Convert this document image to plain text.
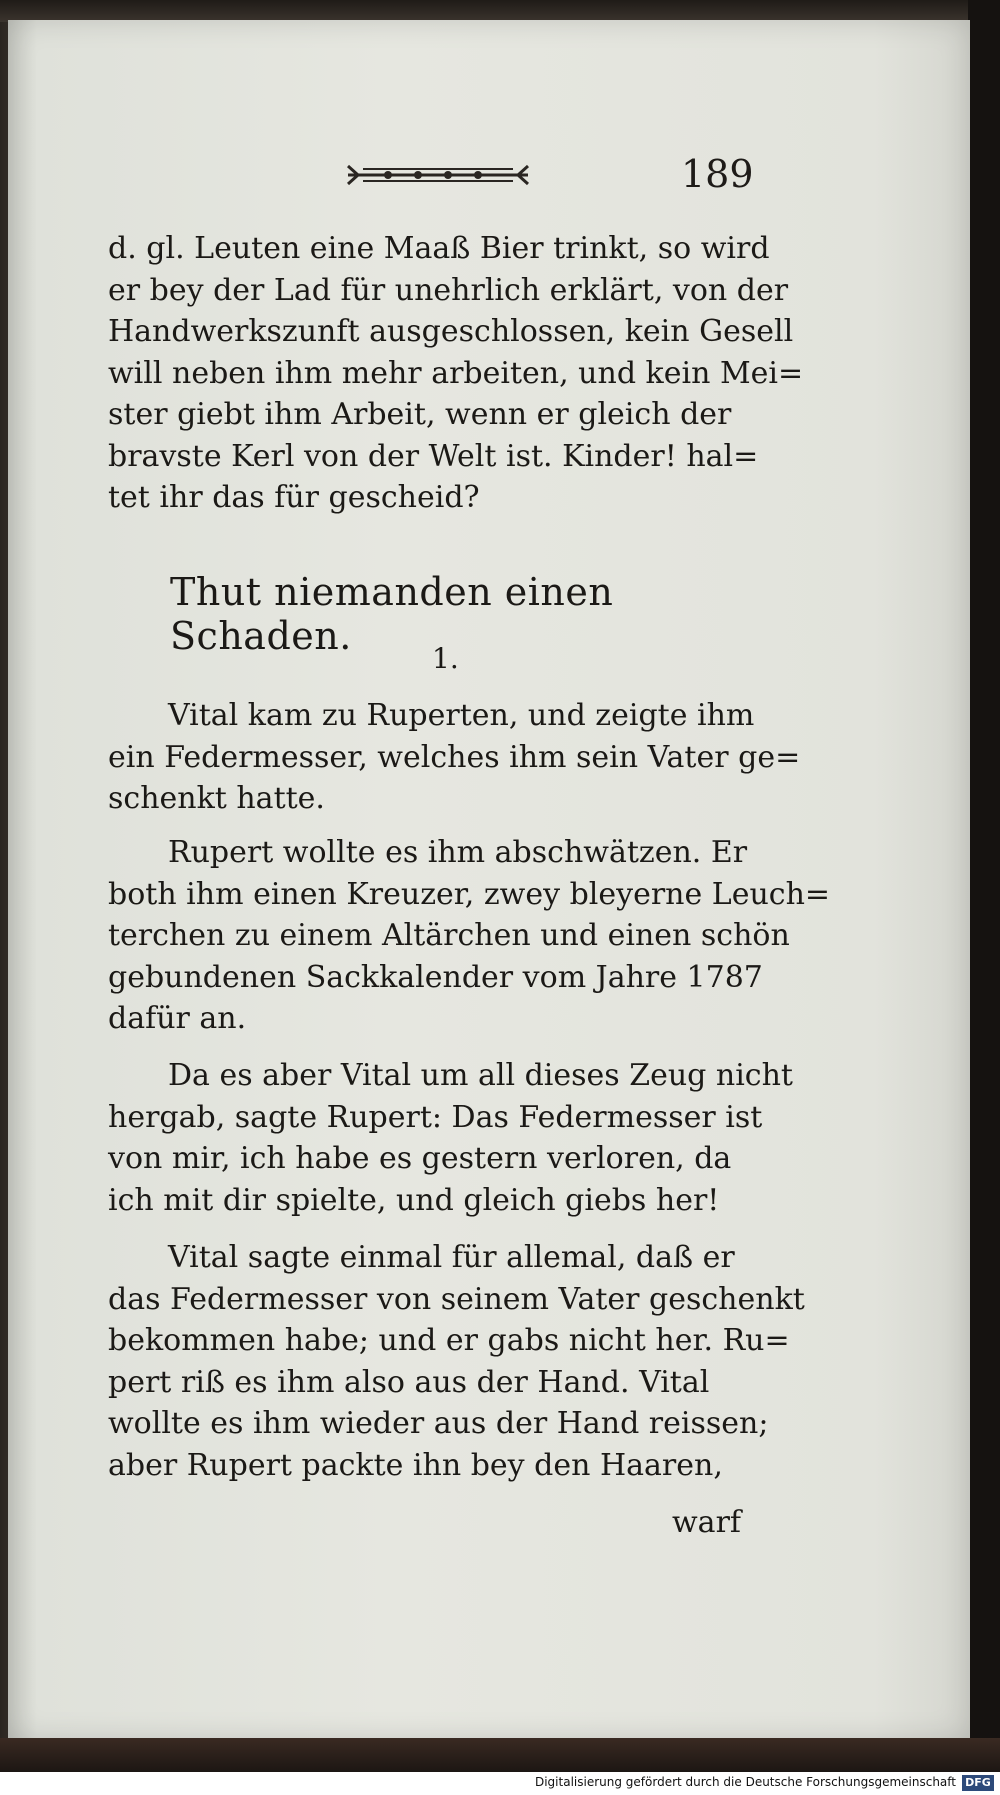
189
d. gl. Leuten eine Maaß Bier trinkt, so wird
er bey der Lad für unehrlich erklärt, von der
Handwerkszunft ausgeschlossen, kein Gesell
will neben ihm mehr arbeiten, und kein Mei=
ster giebt ihm Arbeit, wenn er gleich der
bravste Kerl von der Welt ist. Kinder! hal=
tet ihr das für gescheid?
Thut niemanden einen Schaden.
1.
Vital kam zu Ruperten, und zeigte ihm
ein Federmesser, welches ihm sein Vater ge=
schenkt hatte.
Rupert wollte es ihm abschwätzen. Er
both ihm einen Kreuzer, zwey bleyerne Leuch=
terchen zu einem Altärchen und einen schön
gebundenen Sackkalender vom Jahre 1787
dafür an.
Da es aber Vital um all dieses Zeug nicht
hergab, sagte Rupert: Das Federmesser ist
von mir, ich habe es gestern verloren, da
ich mit dir spielte, und gleich giebs her!
Vital sagte einmal für allemal, daß er
das Federmesser von seinem Vater geschenkt
bekommen habe; und er gabs nicht her. Ru=
pert riß es ihm also aus der Hand. Vital
wollte es ihm wieder aus der Hand reissen;
aber Rupert packte ihn bey den Haaren,
warf
Digitalisierung gefördert durch die Deutsche Forschungsgemeinschaft DFG
